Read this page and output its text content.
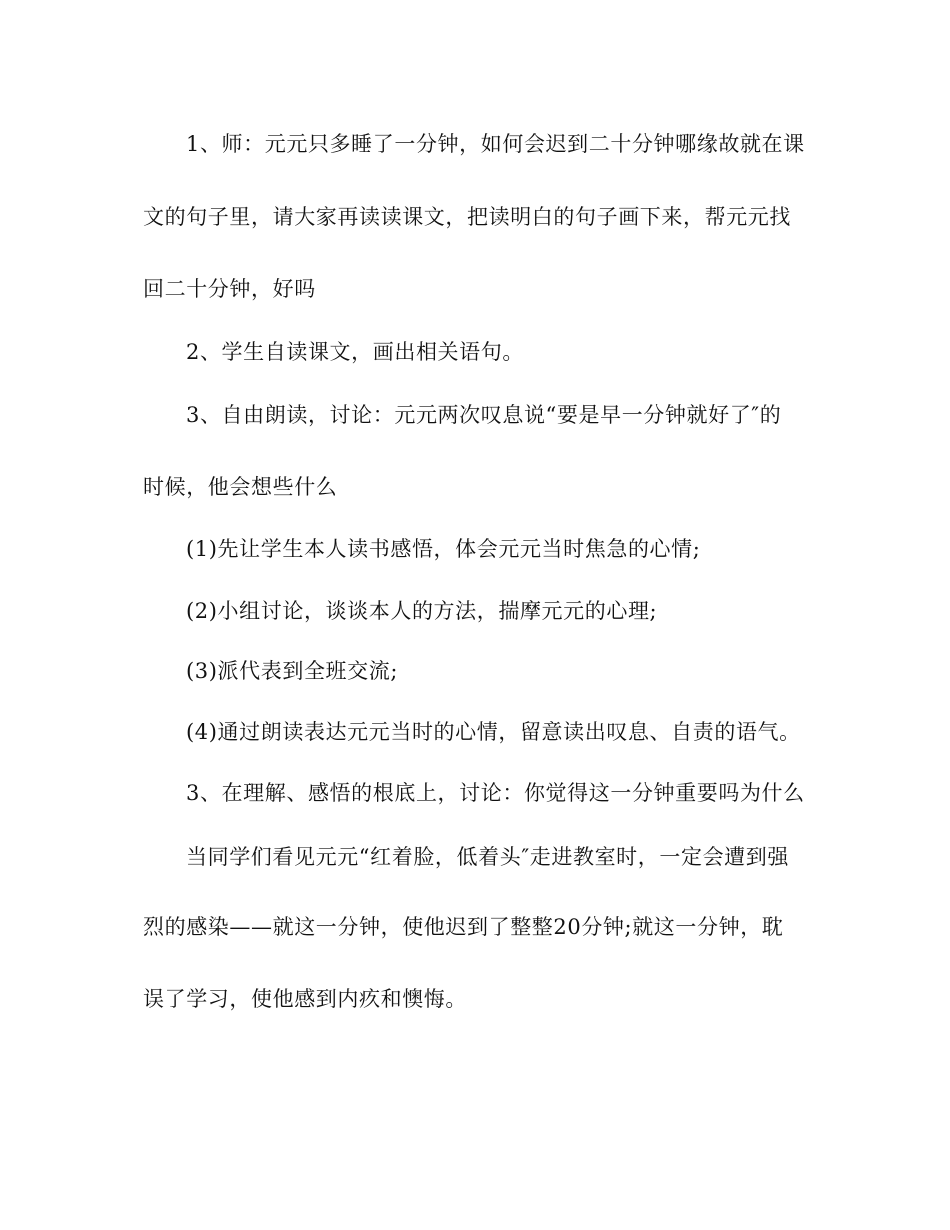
1、师：元元只多睡了一分钟，如何会迟到二十分钟哪缘故就在课
文的句子里，请大家再读读课文，把读明白的句子画下来，帮元元找
回二十分钟，好吗
2、学生自读课文，画出相关语句。
3、自由朗读，讨论：元元两次叹息说“要是早一分钟就好了″的
时候，他会想些什么
(1)先让学生本人读书感悟，体会元元当时焦急的心情;
(2)小组讨论，谈谈本人的方法，揣摩元元的心理;
(3)派代表到全班交流;
(4)通过朗读表达元元当时的心情，留意读出叹息、自责的语气。
3、在理解、感悟的根底上，讨论：你觉得这一分钟重要吗为什么
当同学们看见元元“红着脸，低着头″走进教室时，一定会遭到强
烈的感染——就这一分钟，使他迟到了整整20分钟;就这一分钟，耽
误了学习，使他感到内疚和懊悔。
